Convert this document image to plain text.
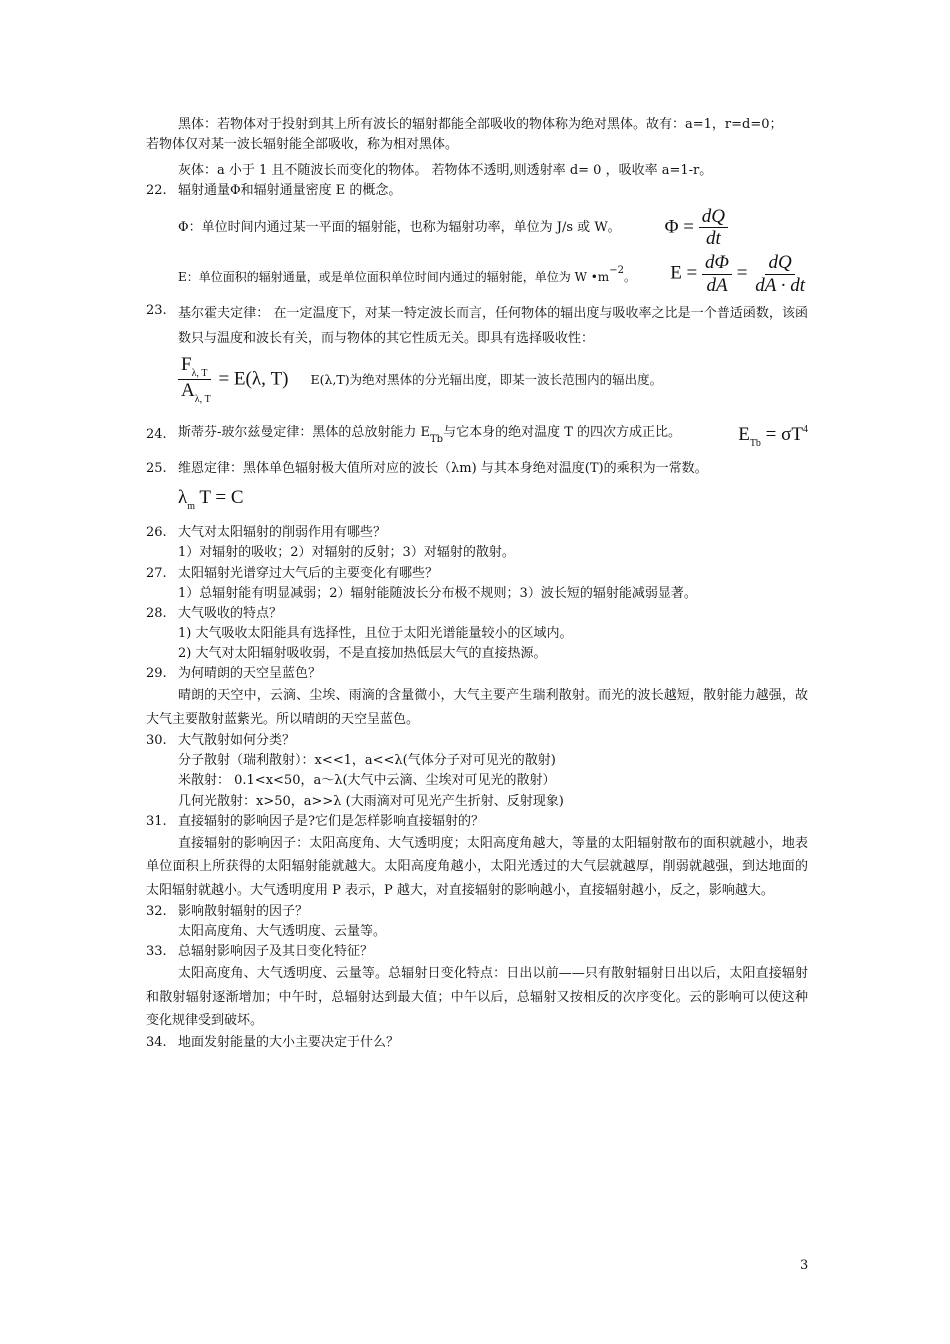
黑体：若物体对于投射到其上所有波长的辐射都能全部吸收的物体称为绝对黑体。故有：a=1，r=d=0；

若物体仅对某一波长辐射能全部吸收，称为相对黑体。

灰体：a 小于 1 且不随波长而变化的物体。 若物体不透明,则透射率 d= 0 ，吸收率 a=1-r。

22. 辐射通量Φ和辐射通量密度 E 的概念。
Φ：单位时间内通过某一平面的辐射能，也称为辐射功率，单位为 J/s 或 W。 $\Phi = \frac{dQ}{dt}$
E：单位面积的辐射通量，或是单位面积单位时间内通过的辐射能，单位为 W $•m^{-2}$。 $E = \frac{d\Phi}{dA} = \frac{dQ}{dA \cdot dt}$
23. 基尔霍夫定律： 在一定温度下，对某一特定波长而言，任何物体的辐出度与吸收率之比是一个普适函数，该函数只与温度和波长有关，而与物体的其它性质无关。即具有选择吸收性：
$\frac{F_{\lambda, T}}{A_{\lambda, T}} = E(\lambda$, T) E(λ,T)为绝对黑体的分光辐出度，即某一波长范围内的辐出度。
24. 斯蒂芬-玻尔兹曼定律：黑体的总放射能力 $E_{Tb}$与它本身的绝对温度 T 的四次方成正比。	$E_{Tb} = \sigma T^4$
25. 维恩定律：黑体单色辐射极大值所对应的波长（λm) 与其本身绝对温度(T)的乘积为一常数。
$\lambda_m$ T = C
26. 大气对太阳辐射的削弱作用有哪些？

1）对辐射的吸收；2）对辐射的反射；3）对辐射的散射。

27. 太阳辐射光谱穿过大气后的主要变化有哪些？

1）总辐射能有明显减弱；2）辐射能随波长分布极不规则；3）波长短的辐射能减弱显著。

28. 大气吸收的特点？

1) 大气吸收太阳能具有选择性，且位于太阳光谱能量较小的区域内。

2) 大气对太阳辐射吸收弱，不是直接加热低层大气的直接热源。

29. 为何晴朗的天空呈蓝色？

晴朗的天空中，云滴、尘埃、雨滴的含量微小，大气主要产生瑞利散射。而光的波长越短，散射能力越强，故大气主要散射蓝紫光。所以晴朗的天空呈蓝色。

30. 大气散射如何分类？

分子散射（瑞利散射）：x<<1，a<<λ(气体分子对可见光的散射)

米散射： 0.1<x<50，a～λ(大气中云滴、尘埃对可见光的散射）

几何光散射：x>50，a>>λ (大雨滴对可见光产生折射、反射现象)

31. 直接辐射的影响因子是?它们是怎样影响直接辐射的？

直接辐射的影响因子：太阳高度角、大气透明度；太阳高度角越大，等量的太阳辐射散布的面积就越小，地表单位面积上所获得的太阳辐射能就越大。太阳高度角越小，太阳光透过的大气层就越厚，削弱就越强，到达地面的太阳辐射就越小。大气透明度用 P 表示，P 越大，对直接辐射的影响越小，直接辐射越小，反之，影响越大。

32. 影响散射辐射的因子？

太阳高度角、大气透明度、云量等。

33. 总辐射影响因子及其日变化特征？

太阳高度角、大气透明度、云量等。总辐射日变化特点：日出以前——只有散射辐射日出以后，太阳直接辐射和散射辐射逐渐增加；中午时，总辐射达到最大值；中午以后，总辐射又按相反的次序变化。云的影响可以使这种变化规律受到破坏。

34. 地面发射能量的大小主要决定于什么？
3
